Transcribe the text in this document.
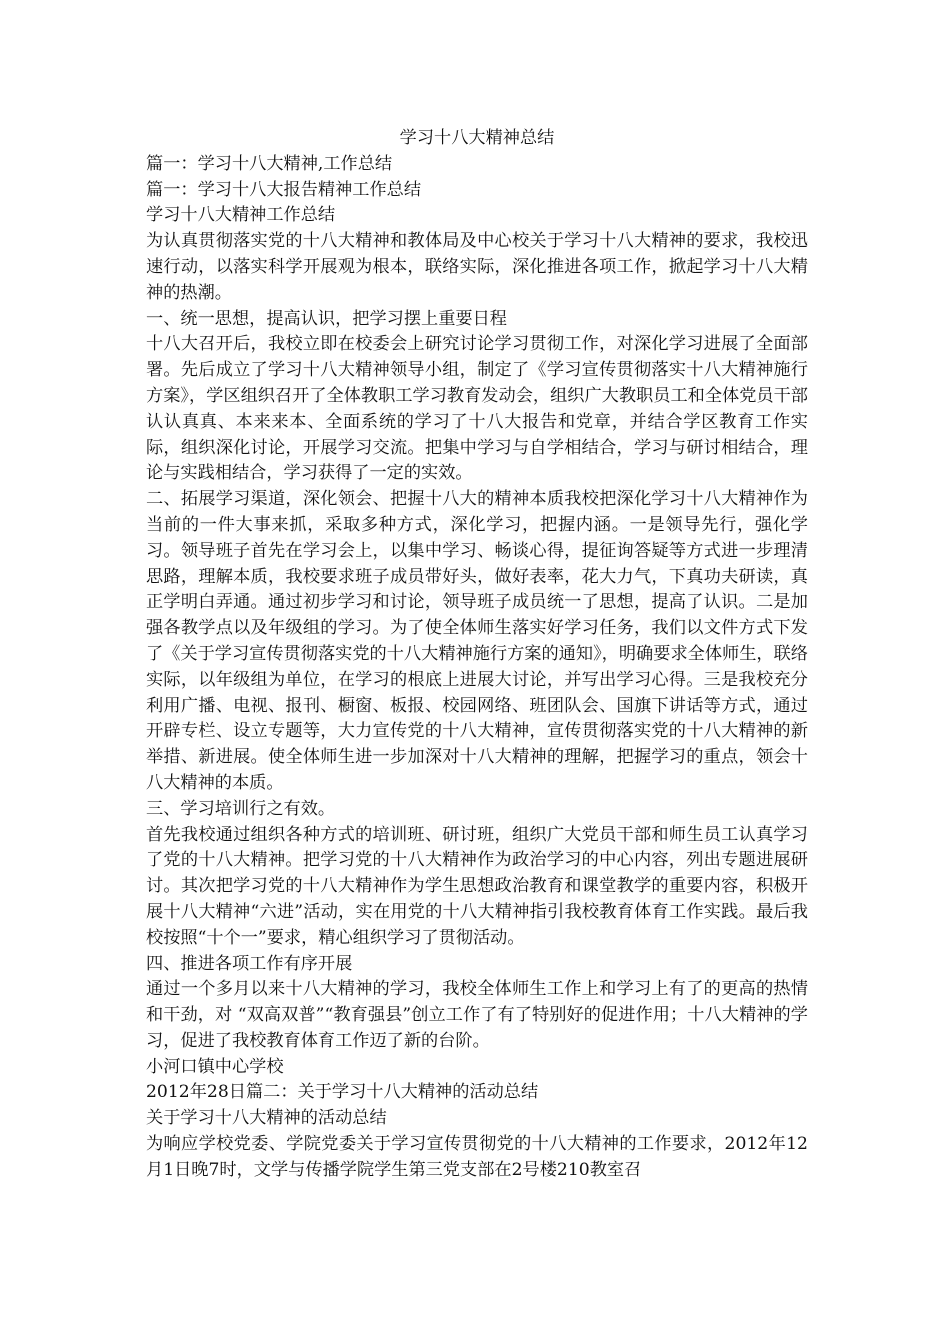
学习十八大精神总结

篇一：学习十八大精神,工作总结

篇一：学习十八大报告精神工作总结

学习十八大精神工作总结

为认真贯彻落实党的十八大精神和教体局及中心校关于学习十八大精神的要求，我校迅速行动，以落实科学开展观为根本，联络实际，深化推进各项工作，掀起学习十八大精神的热潮。

一、统一思想，提高认识，把学习摆上重要日程

十八大召开后，我校立即在校委会上研究讨论学习贯彻工作，对深化学习进展了全面部署。先后成立了学习十八大精神领导小组，制定了《学习宣传贯彻落实十八大精神施行方案》，学区组织召开了全体教职工学习教育发动会，组织广大教职员工和全体党员干部认认真真、本来来本、全面系统的学习了十八大报告和党章，并结合学区教育工作实际，组织深化讨论，开展学习交流。把集中学习与自学相结合，学习与研讨相结合，理论与实践相结合，学习获得了一定的实效。

二、拓展学习渠道，深化领会、把握十八大的精神本质我校把深化学习十八大精神作为当前的一件大事来抓，采取多种方式，深化学习，把握内涵。一是领导先行，强化学习。领导班子首先在学习会上，以集中学习、畅谈心得，提征询答疑等方式进一步理清思路，理解本质，我校要求班子成员带好头，做好表率，花大力气，下真功夫研读，真正学明白弄通。通过初步学习和讨论，领导班子成员统一了思想，提高了认识。二是加强各教学点以及年级组的学习。为了使全体师生落实好学习任务，我们以文件方式下发了《关于学习宣传贯彻落实党的十八大精神施行方案的通知》，明确要求全体师生，联络实际，以年级组为单位，在学习的根底上进展大讨论，并写出学习心得。三是我校充分利用广播、电视、报刊、橱窗、板报、校园网络、班团队会、国旗下讲话等方式，通过开辟专栏、设立专题等，大力宣传党的十八大精神，宣传贯彻落实党的十八大精神的新举措、新进展。使全体师生进一步加深对十八大精神的理解，把握学习的重点，领会十八大精神的本质。

三、学习培训行之有效。

首先我校通过组织各种方式的培训班、研讨班，组织广大党员干部和师生员工认真学习了党的十八大精神。把学习党的十八大精神作为政治学习的中心内容，列出专题进展研讨。其次把学习党的十八大精神作为学生思想政治教育和课堂教学的重要内容，积极开展十八大精神“六进”活动，实在用党的十八大精神指引我校教育体育工作实践。最后我校按照“十个一”要求，精心组织学习了贯彻活动。

四、推进各项工作有序开展

通过一个多月以来十八大精神的学习，我校全体师生工作上和学习上有了的更高的热情和干劲，对 “双高双普”“教育强县”创立工作了有了特别好的促进作用；十八大精神的学习，促进了我校教育体育工作迈了新的台阶。

小河口镇中心学校

2012年28日篇二：关于学习十八大精神的活动总结

关于学习十八大精神的活动总结

为响应学校党委、学院党委关于学习宣传贯彻党的十八大精神的工作要求，2012年12月1日晚7时，文学与传播学院学生第三党支部在2号楼210教室召
